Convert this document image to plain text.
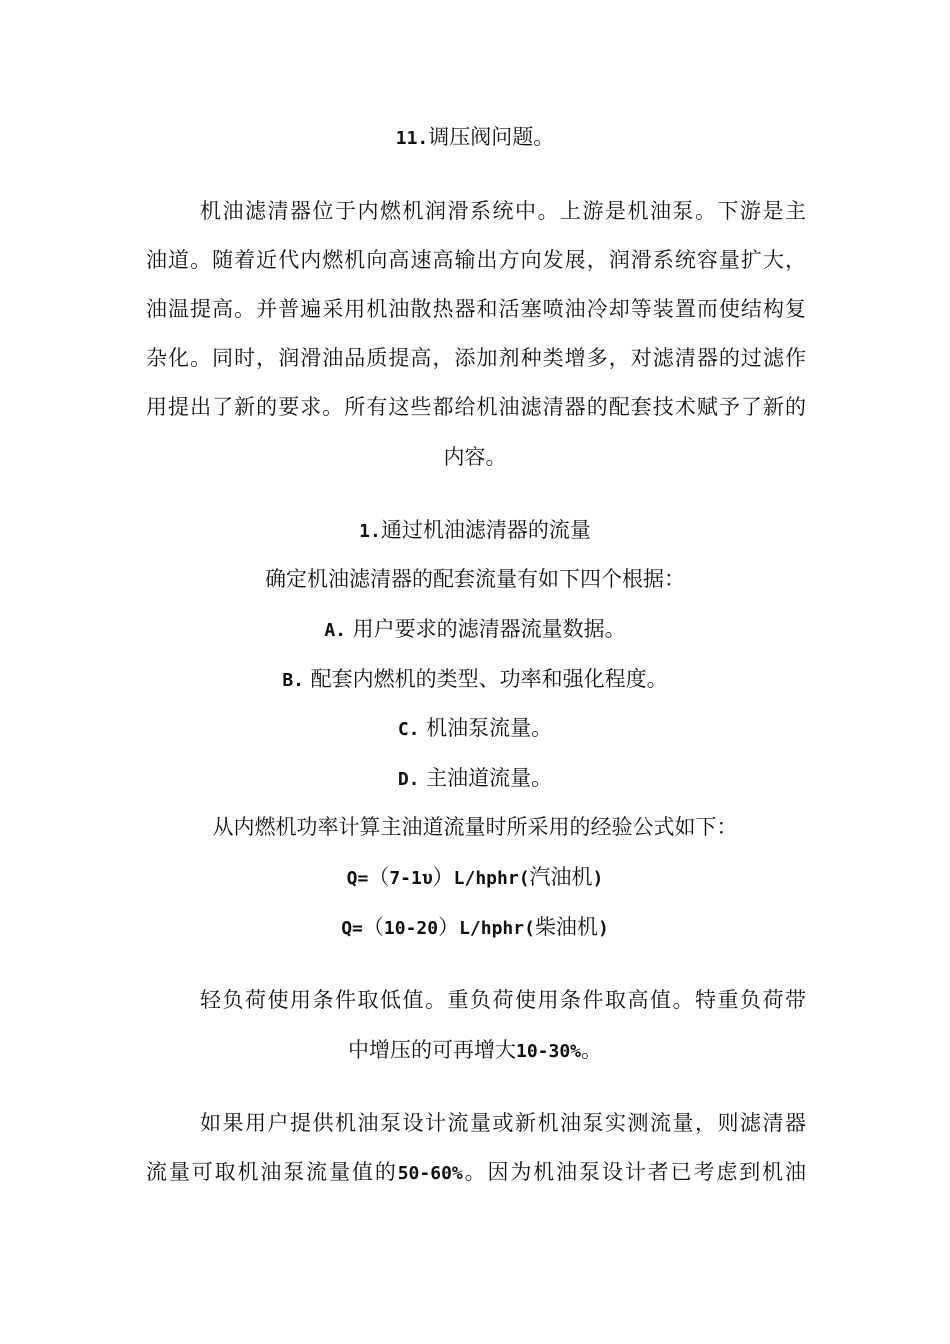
11.调压阀问题。
机油滤清器位于内燃机润滑系统中。上游是机油泵。下游是主
油道。随着近代内燃机向高速高输出方向发展，润滑系统容量扩大，
油温提高。并普遍采用机油散热器和活塞喷油冷却等装置而使结构复
杂化。同时，润滑油品质提高，添加剂种类增多，对滤清器的过滤作
用提出了新的要求。所有这些都给机油滤清器的配套技术赋予了新的
内容。
1.通过机油滤清器的流量
确定机油滤清器的配套流量有如下四个根据：
A. 用户要求的滤清器流量数据。
B. 配套内燃机的类型、功率和强化程度。
C. 机油泵流量。
D. 主油道流量。
从内燃机功率计算主油道流量时所采用的经验公式如下：
Q=（7-1υ）L/hphr(汽油机)
Q=（10-20）L/hphr(柴油机)
轻负荷使用条件取低值。重负荷使用条件取高值。特重负荷带
中增压的可再增大10-30%。
如果用户提供机油泵设计流量或新机油泵实测流量，则滤清器
流量可取机油泵流量值的50-60%。因为机油泵设计者已考虑到机油
